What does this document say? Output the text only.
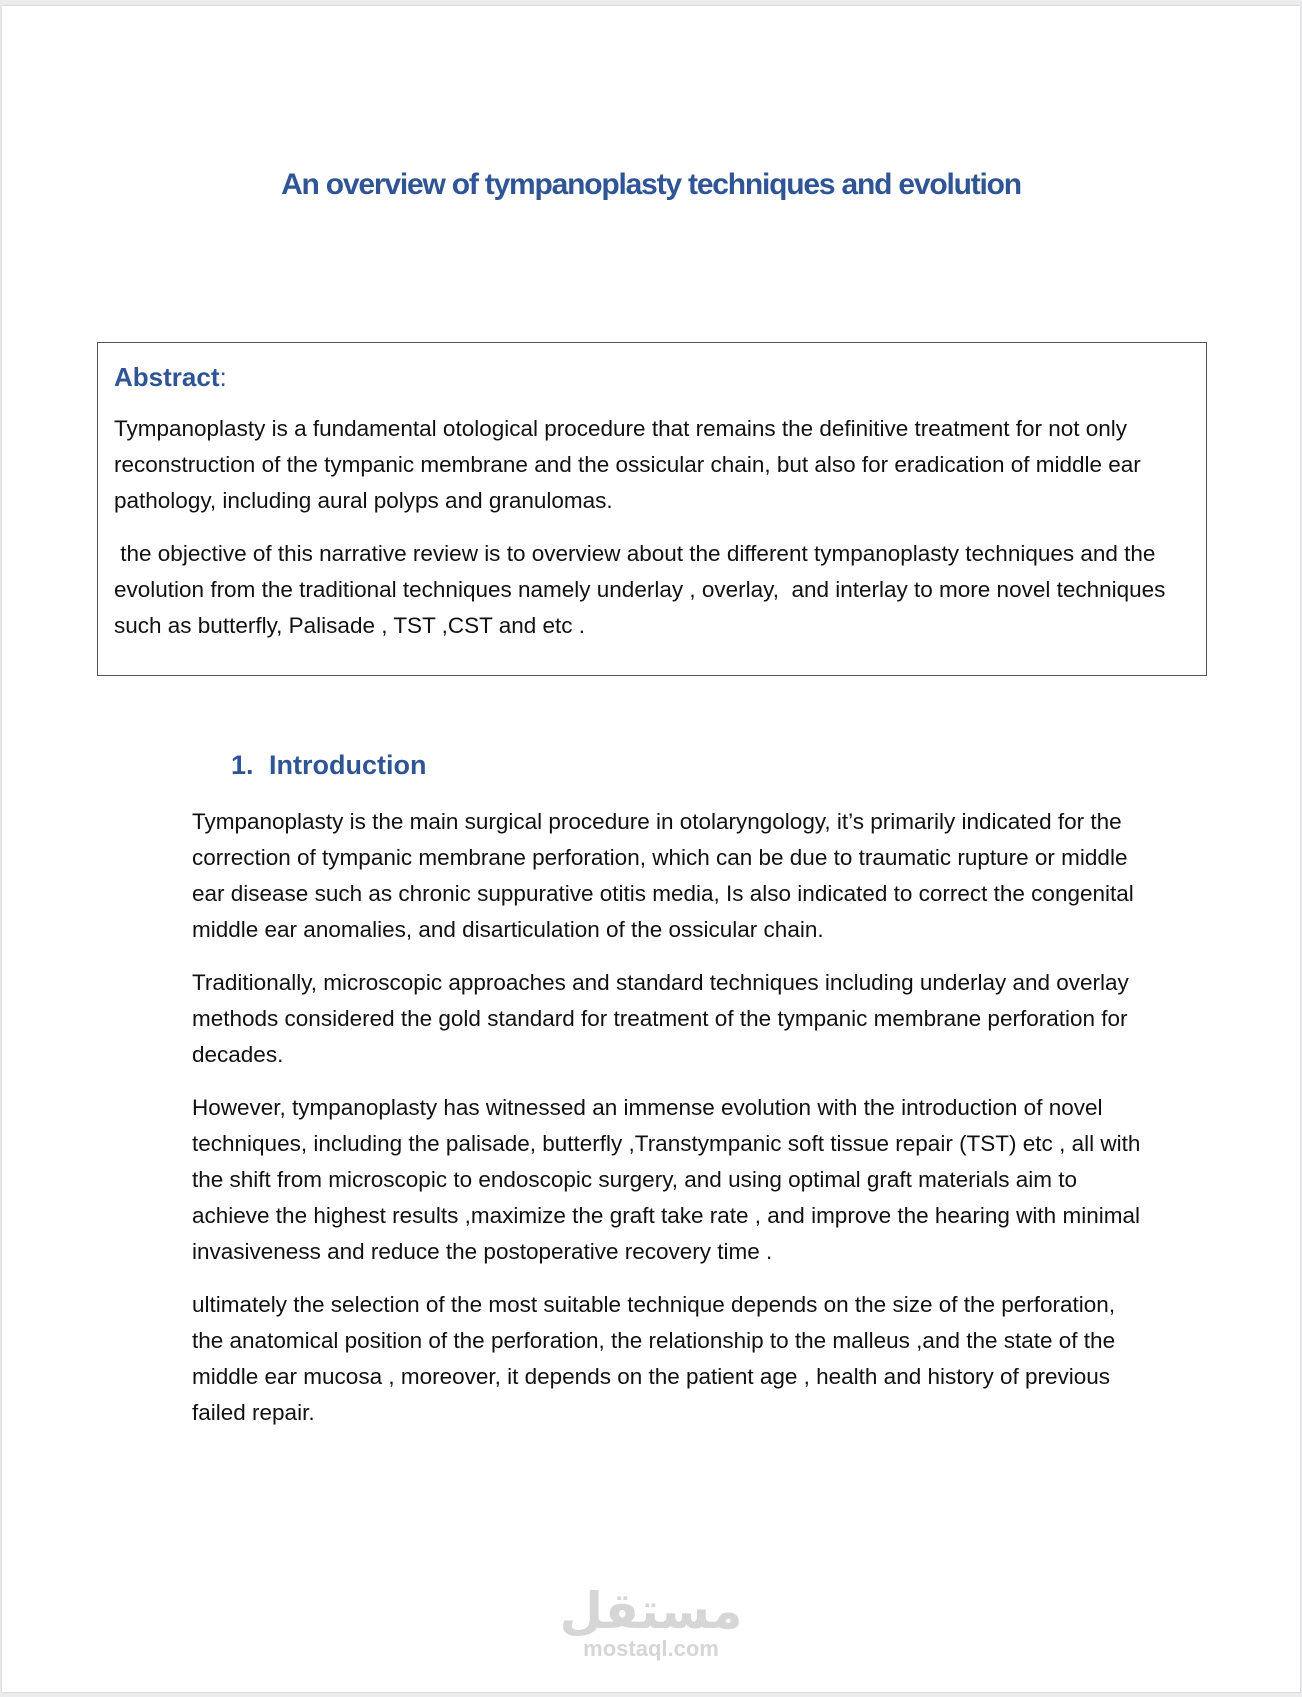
An overview of tympanoplasty techniques and evolution
Abstract:

Tympanoplasty is a fundamental otological procedure that remains the definitive treatment for not only reconstruction of the tympanic membrane and the ossicular chain, but also for eradication of middle ear pathology, including aural polyps and granulomas.

the objective of this narrative review is to overview about the different tympanoplasty techniques and the evolution from the traditional techniques namely underlay , overlay,  and interlay to more novel techniques such as butterfly, Palisade , TST ,CST and etc .

1. Introduction

Tympanoplasty is the main surgical procedure in otolaryngology, it’s primarily indicated for the correction of tympanic membrane perforation, which can be due to traumatic rupture or middle ear disease such as chronic suppurative otitis media, Is also indicated to correct the congenital middle ear anomalies, and disarticulation of the ossicular chain.

Traditionally, microscopic approaches and standard techniques including underlay and overlay methods considered the gold standard for treatment of the tympanic membrane perforation for decades.

However, tympanoplasty has witnessed an immense evolution with the introduction of novel techniques, including the palisade, butterfly ,Transtympanic soft tissue repair (TST) etc , all with the shift from microscopic to endoscopic surgery, and using optimal graft materials aim to achieve the highest results ,maximize the graft take rate , and improve the hearing with minimal invasiveness and reduce the postoperative recovery time .

ultimately the selection of the most suitable technique depends on the size of the perforation, the anatomical position of the perforation, the relationship to the malleus ,and the state of the middle ear mucosa , moreover, it depends on the patient age , health and history of previous failed repair.

مستقل
mostaql.com
